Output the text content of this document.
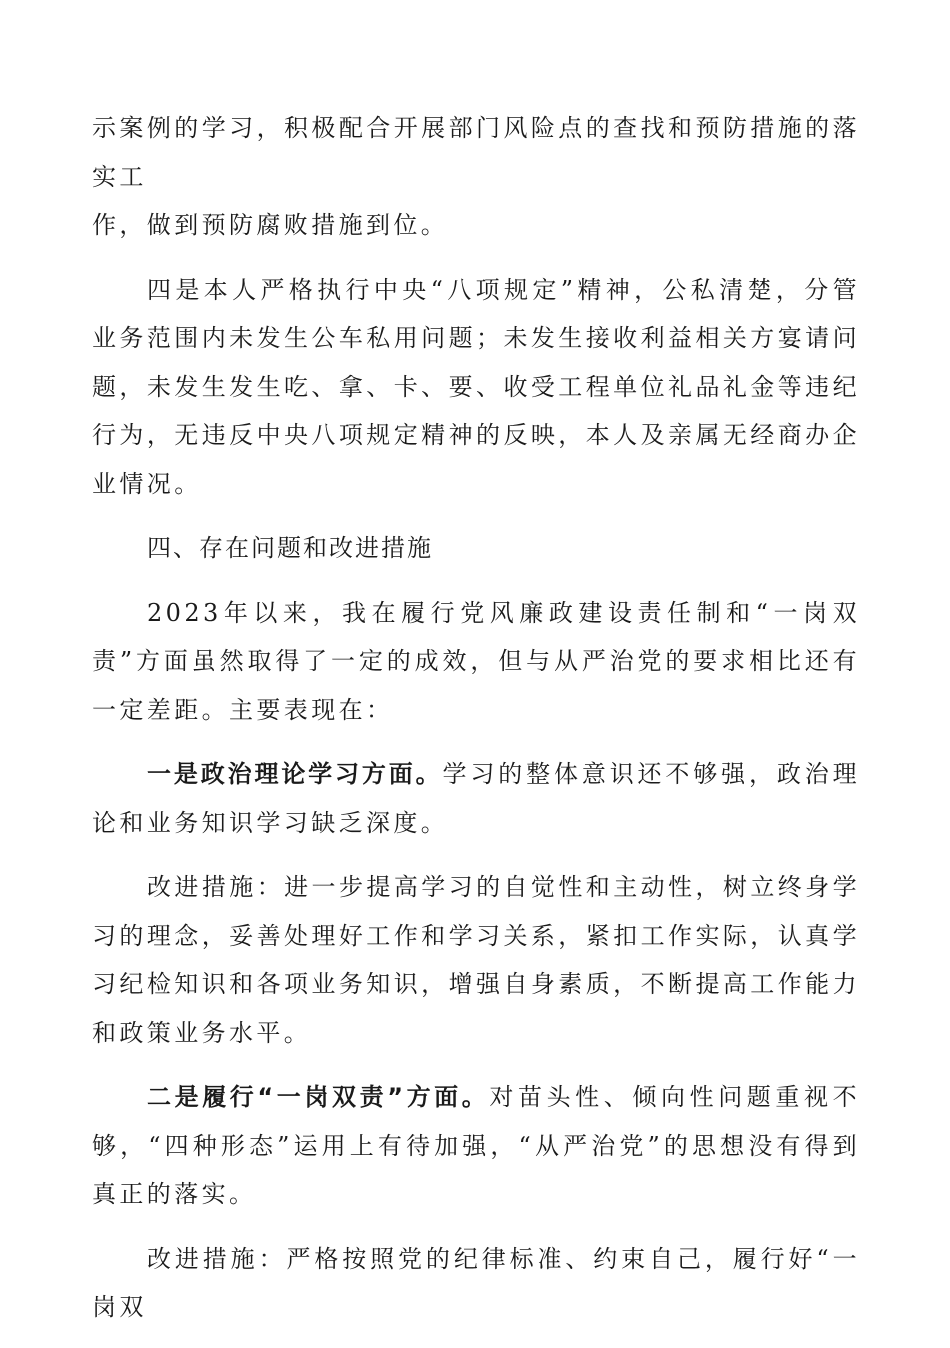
示案例的学习，积极配合开展部门风险点的查找和预防措施的落实工
作，做到预防腐败措施到位。

四是本人严格执行中央“八项规定”精神，公私清楚，分管业务范围内未发生公车私用问题；未发生接收利益相关方宴请问题，未发生发生吃、拿、卡、要、收受工程单位礼品礼金等违纪行为，无违反中央八项规定精神的反映，本人及亲属无经商办企业情况。

四、存在问题和改进措施

2023年以来，我在履行党风廉政建设责任制和“一岗双责”方面虽然取得了一定的成效，但与从严治党的要求相比还有一定差距。主要表现在：

一是政治理论学习方面。学习的整体意识还不够强，政治理论和业务知识学习缺乏深度。

改进措施：进一步提高学习的自觉性和主动性，树立终身学习的理念，妥善处理好工作和学习关系，紧扣工作实际，认真学习纪检知识和各项业务知识，增强自身素质，不断提高工作能力和政策业务水平。

二是履行“一岗双责”方面。对苗头性、倾向性问题重视不够，“四种形态”运用上有待加强，“从严治党”的思想没有得到真正的落实。

改进措施：严格按照党的纪律标准、约束自己，履行好“一岗双
